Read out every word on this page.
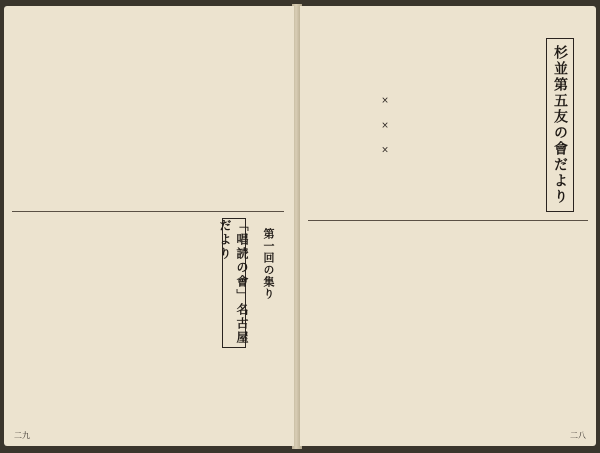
「唱読の會」名古屋だより	第一回の集り
二九
杉並第五友の會だより
× × ×
二八
